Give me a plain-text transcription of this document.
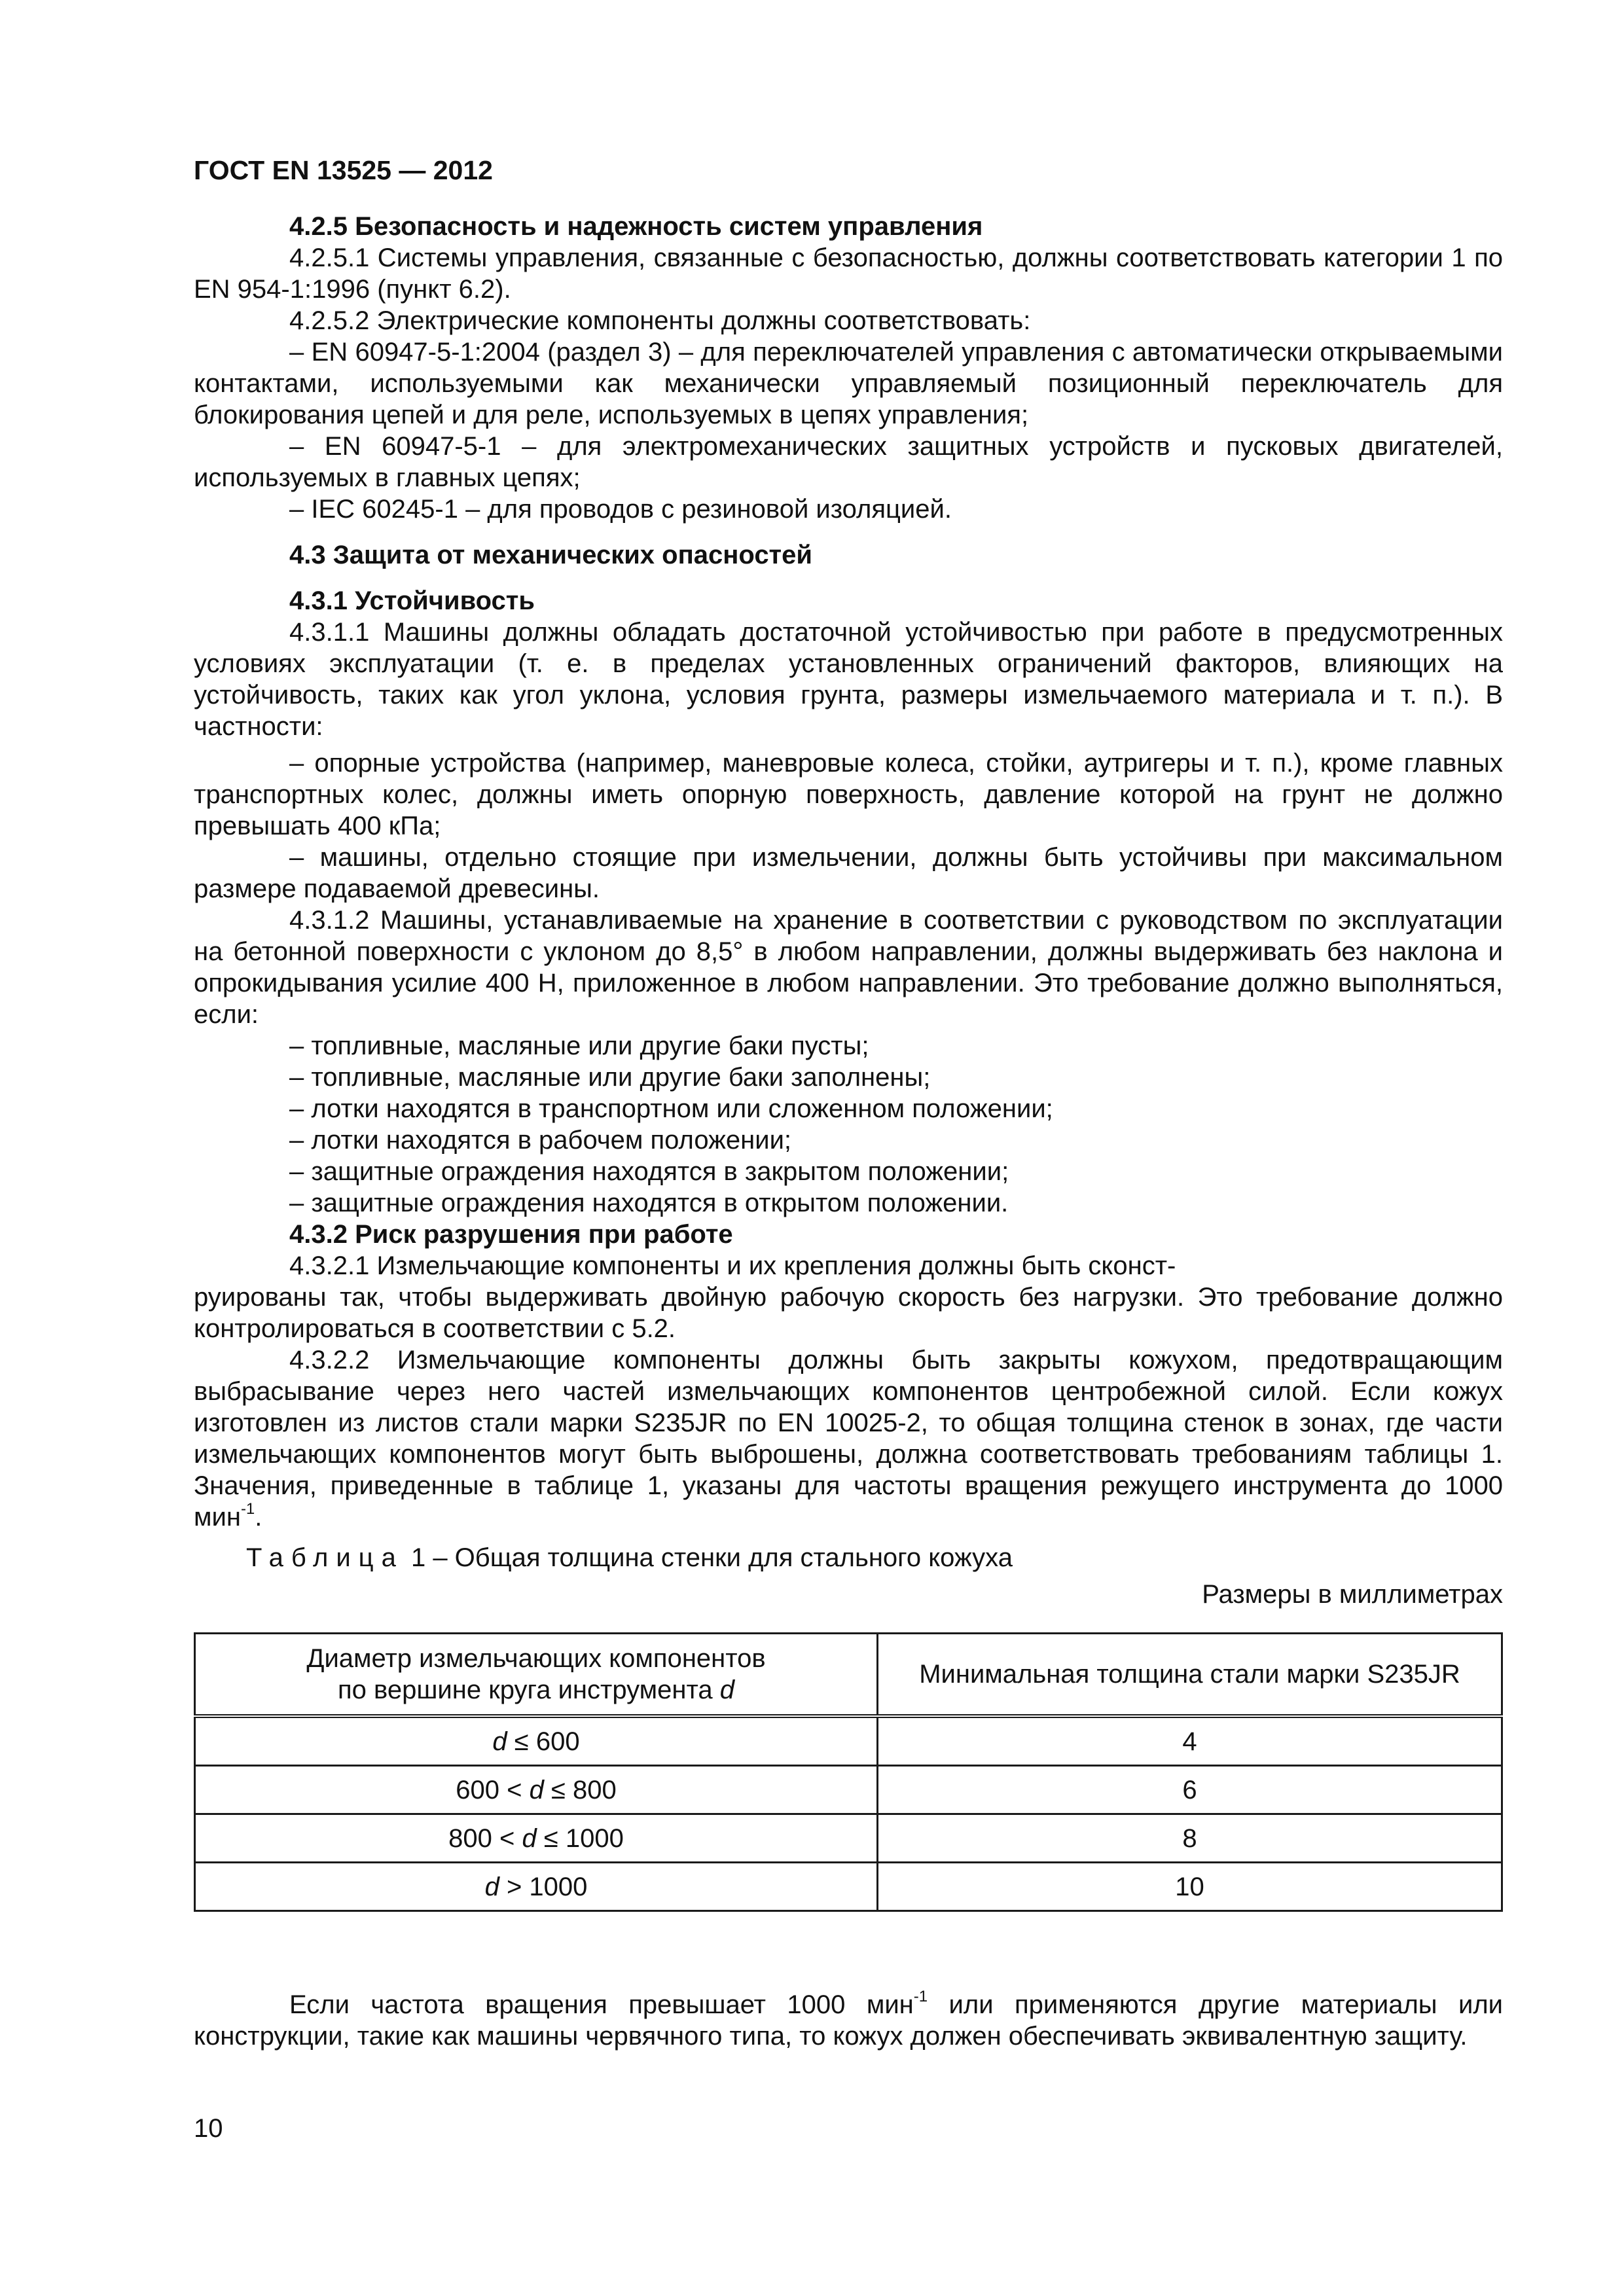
ГОСТ EN 13525 — 2012

4.2.5 Безопасность и надежность систем управления

4.2.5.1 Системы управления, связанные с безопасностью, должны соответствовать категории 1 по EN 954-1:1996 (пункт 6.2).

4.2.5.2 Электрические компоненты должны соответствовать:

– EN 60947-5-1:2004 (раздел 3) – для переключателей управления с автоматически открываемыми контактами, используемыми как механически управляемый позиционный переключатель для блокирования цепей и для реле, используемых в цепях управления;

– EN 60947-5-1 – для электромеханических защитных устройств и пусковых двигателей, используемых в главных цепях;

– IEC 60245-1 – для проводов с резиновой изоляцией.

4.3 Защита от механических опасностей

4.3.1 Устойчивость

4.3.1.1 Машины должны обладать достаточной устойчивостью при работе в предусмотренных условиях эксплуатации (т. е. в пределах установленных ограничений факторов, влияющих на устойчивость, таких как угол уклона, условия грунта, размеры измельчаемого материала и т. п.). В частности:

– опорные устройства (например, маневровые колеса, стойки, аутригеры и т. п.), кроме главных транспортных колес, должны иметь опорную поверхность, давление которой на грунт не должно превышать 400 кПа;

– машины, отдельно стоящие при измельчении, должны быть устойчивы при максимальном размере подаваемой древесины.

4.3.1.2 Машины, устанавливаемые на хранение в соответствии с руководством по эксплуатации на бетонной поверхности с уклоном до 8,5° в любом направлении, должны выдерживать без наклона и опрокидывания усилие 400 Н, приложенное в любом направлении. Это требование должно выполняться, если:

– топливные, масляные или другие баки пусты;

– топливные, масляные или другие баки заполнены;

– лотки находятся в транспортном или сложенном положении;

– лотки находятся в рабочем положении;

– защитные ограждения находятся в закрытом положении;

– защитные ограждения находятся в открытом положении.

4.3.2 Риск разрушения при работе

4.3.2.1 Измельчающие компоненты и их крепления должны быть сконст-

руированы так, чтобы выдерживать двойную рабочую скорость без нагрузки. Это требование должно контролироваться в соответствии с 5.2.

4.3.2.2 Измельчающие компоненты должны быть закрыты кожухом, предотвращающим выбрасывание через него частей измельчающих компонентов центробежной силой. Если кожух изготовлен из листов стали марки S235JR по EN 10025-2, то общая толщина стенок в зонах, где части измельчающих компонентов могут быть выброшены, должна соответствовать требованиям таблицы 1. Значения, приведенные в таблице 1, указаны для частоты вращения режущего инструмента до 1000 мин$^{-1}$.

Таблица 1 – Общая толщина стенки для стального кожуха

Размеры в миллиметрах

Диаметр измельчающих компонентов
по вершине круга инструмента d	Минимальная толщина стали марки S235JR
d ≤ 600	4
600 < d ≤ 800	6
800 < d ≤ 1000	8
d > 1000	10

Если частота вращения превышает 1000 мин$^{-1}$ или применяются другие материалы или конструкции, такие как машины червячного типа, то кожух должен обеспечивать эквивалентную защиту.

10
